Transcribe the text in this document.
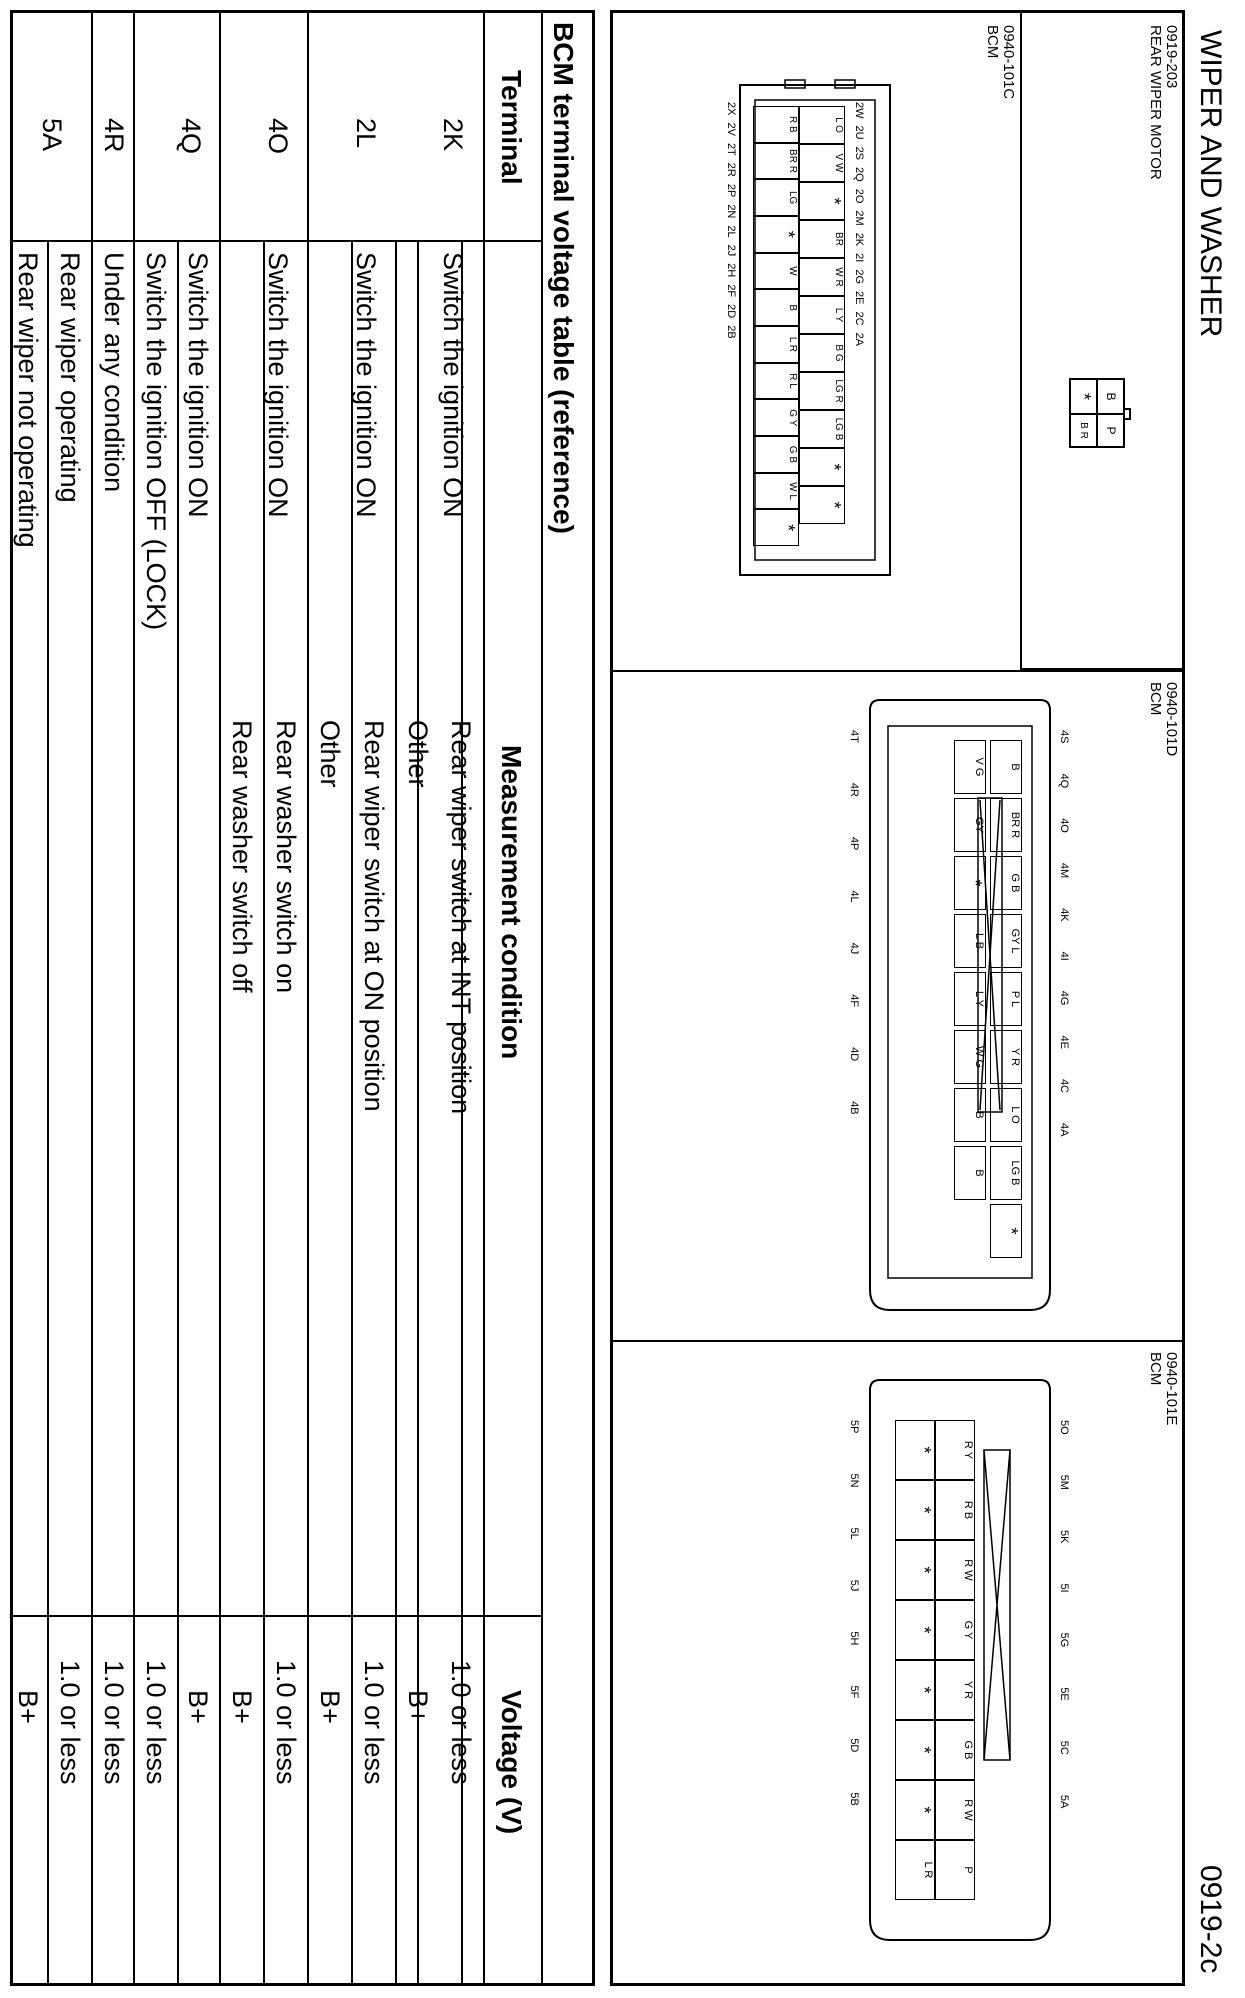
WIPER AND WASHER
0919-2c
0919-203
REAR WIPER MOTOR
0940-101C
BCM
0940-101D
BCM
0940-101E
BCM
B
P
*
B R
L O
V W
*
BR
W R
L Y
B G
LG R
LG B
*
*
R B
BR R
LG
*
W
B
L R
R L
G Y
G B
W L
*
2W
2U
2S
2Q
2O
2M
2K
2I
2G
2E
2C
2A
2X
2V
2T
2R
2P
2N
2L
2J
2H
2F
2D
2B
B
BR R
G B
GY L
P L
Y R
L O
LG B
*
V G
GY
*
L B
L Y
W G
B
B
4S
4Q
4O
4M
4K
4I
4G
4E
4C
4A
4T
4R
4P
4L
4J
4F
4D
4B
R Y
R B
R W
G Y
Y R
G B
R W
P
*
*
*
*
*
*
*
L R
5O
5M
5K
5I
5G
5E
5C
5A
5P
5N
5L
5J
5H
5F
5D
5B
BCM terminal voltage table (reference)
Terminal
Measurement condition
Voltage (V)
2K
Switch the ignition ON
Rear wiper switch at INT position
1.0 or less
Other
B+
2L
Switch the ignition ON
Rear wiper switch at ON position
1.0 or less
Other
B+
4O
Switch the ignition ON
Rear washer switch on
1.0 or less
Rear washer switch off
B+
4Q
Switch the ignition ON
B+
Switch the ignition OFF (LOCK)
1.0 or less
4R
Under any condition
1.0 or less
5A
Rear wiper operating
1.0 or less
Rear wiper not operating
B+
